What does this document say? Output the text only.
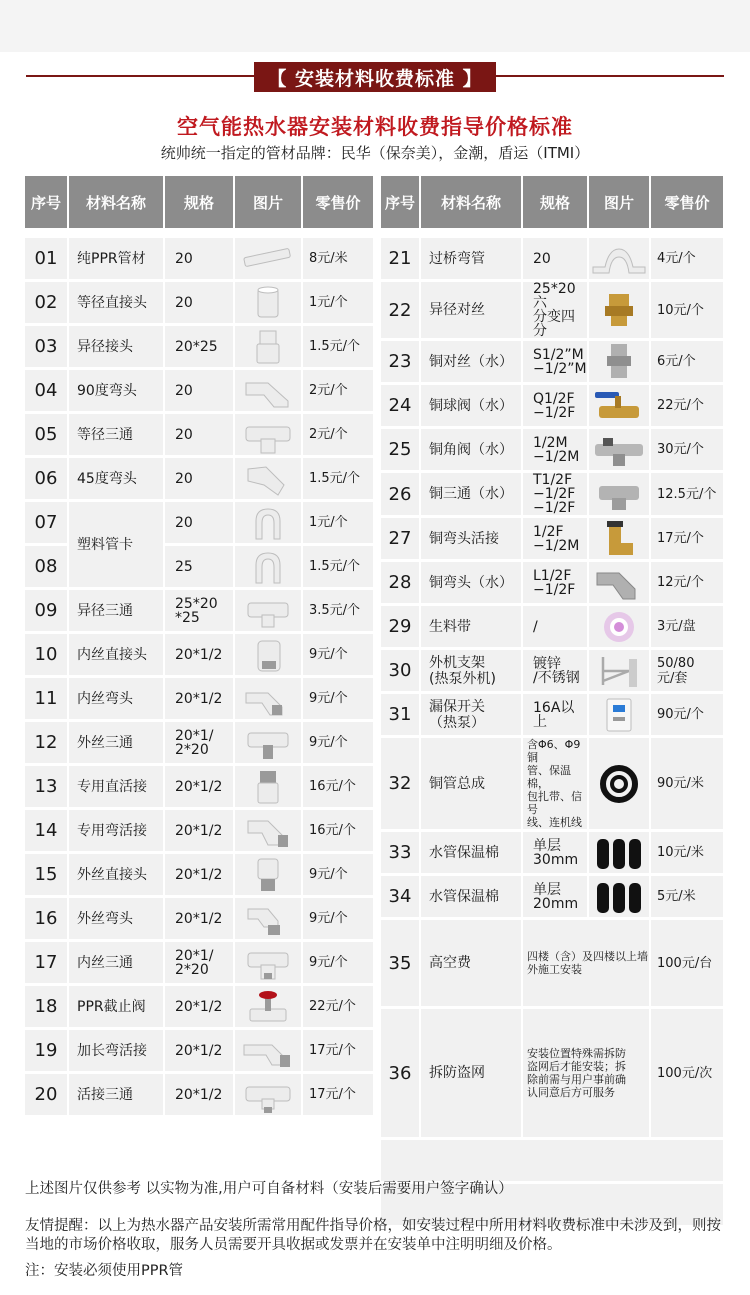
【 安装材料收费标准 】
空气能热水器安装材料收费指导价格标准
统帅统一指定的管材品牌：民华（保奈美），金潮，盾运（ITMI）
序号	材料名称	规格	图片	零售价

01	纯PPR管材	20		8元/米
02	等径直接头	20		1元/个
03	异径接头	20*25		1.5元/个
04	90度弯头	20		2元/个
05	等径三通	20		2元/个
06	45度弯头	20		1.5元/个
07	塑料管卡	20		1元/个
08		25		1.5元/个
09	异径三通	25*20
*25		3.5元/个
10	内丝直接头	20*1/2		9元/个
11	内丝弯头	20*1/2		9元/个
12	外丝三通	20*1/
2*20		9元/个
13	专用直活接	20*1/2		16元/个
14	专用弯活接	20*1/2		16元/个
15	外丝直接头	20*1/2		9元/个
16	外丝弯头	20*1/2		9元/个
17	内丝三通	20*1/
2*20		9元/个
18	PPR截止阀	20*1/2		22元/个
19	加长弯活接	20*1/2		17元/个
20	活接三通	20*1/2		17元/个
序号	材料名称	规格	图片	零售价

21	过桥弯管	20		4元/个
22	异径对丝	25*20六
分变四分		10元/个
23	铜对丝（水）	S1/2”M
−1/2”M		6元/个
24	铜球阀（水）	Q1/2F
−1/2F		22元/个
25	铜角阀（水）	1/2M
−1/2M		30元/个
26	铜三通（水）	T1/2F
−1/2F
−1/2F		12.5元/个
27	铜弯头活接	1/2F
−1/2M		17元/个
28	铜弯头（水）	L1/2F
−1/2F		12元/个
29	生料带	/		3元/盘
30	外机支架
(热泵外机)	镀锌
/不锈钢		50/80
元/套
31	漏保开关
（热泵）	16A以上		90元/个
32	铜管总成	含Φ6、Φ9铜
管、保温棉，
包扎带、信号
线、连机线		90元/米
33	水管保温棉	单层30mm		10元/米
34	水管保温棉	单层20mm		5元/米
35	高空费	四楼（含）及四楼以上墙
外施工安装		100元/台
36	拆防盗网	安装位置特殊需拆防
盗网后才能安装；拆
除前需与用户事前确
认同意后方可服务		100元/次

上述图片仅供参考 以实物为准,用户可自备材料（安装后需要用户签字确认）
友情提醒：以上为热水器产品安装所需常用配件指导价格，如安装过程中所用材料收费标准中未涉及到，则按当地的市场价格收取，服务人员需要开具收据或发票并在安装单中注明明细及价格。
注：安装必须使用PPR管
